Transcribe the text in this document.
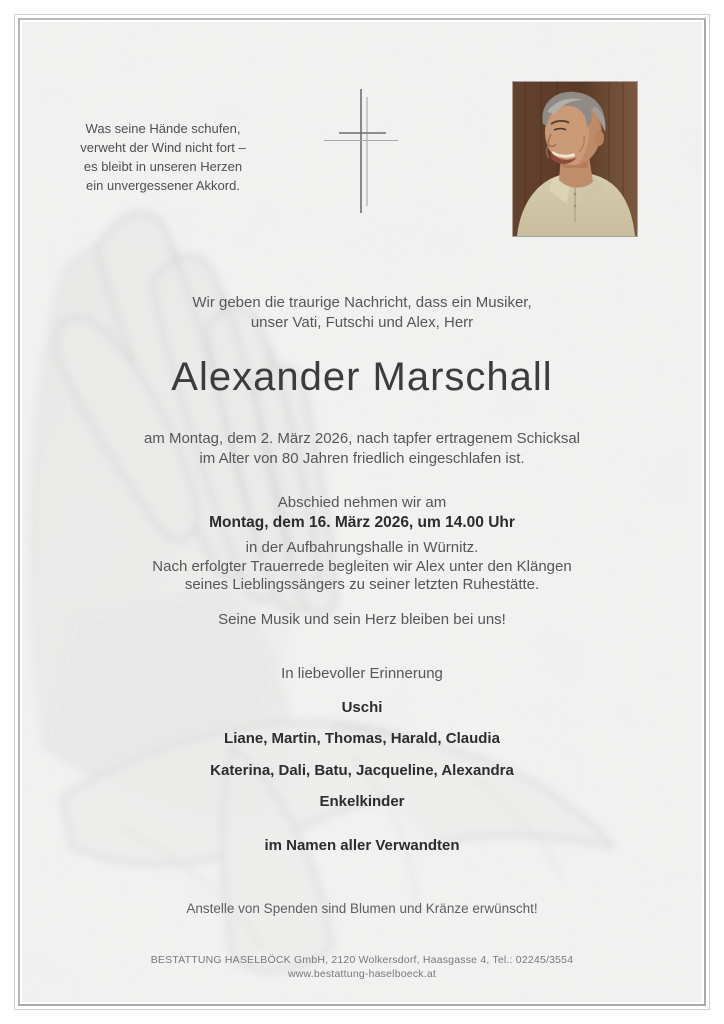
Was seine Hände schufen,
verweht der Wind nicht fort –
es bleibt in unseren Herzen
ein unvergessener Akkord.
Wir geben die traurige Nachricht, dass ein Musiker,
unser Vati, Futschi und Alex, Herr
Alexander Marschall
am Montag, dem 2. März 2026, nach tapfer ertragenem Schicksal
im Alter von 80 Jahren friedlich eingeschlafen ist.
Abschied nehmen wir am
Montag, dem 16. März 2026, um 14.00 Uhr
in der Aufbahrungshalle in Würnitz.
Nach erfolgter Trauerrede begleiten wir Alex unter den Klängen
seines Lieblingssängers zu seiner letzten Ruhestätte.
Seine Musik und sein Herz bleiben bei uns!
In liebevoller Erinnerung
Uschi
Liane, Martin, Thomas, Harald, Claudia
Katerina, Dali, Batu, Jacqueline, Alexandra
Enkelkinder
im Namen aller Verwandten
Anstelle von Spenden sind Blumen und Kränze erwünscht!
BESTATTUNG HASELBÖCK GmbH, 2120 Wolkersdorf, Haasgasse 4, Tel.: 02245/3554
www.bestattung-haselboeck.at
